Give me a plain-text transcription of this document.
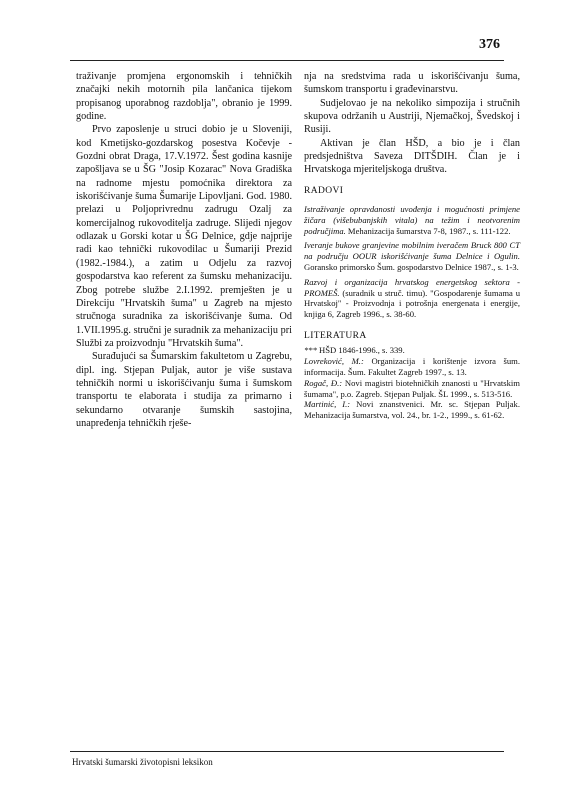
376

traživanje promjena ergonomskih i tehničkih značajki nekih motornih pila lančanica tijekom propisanog uporabnog razdoblja", obranio je 1999. godine.

Prvo zaposlenje u struci dobio je u Sloveniji, kod Kmetijsko-gozdarskog posestva Kočevje - Gozdni obrat Draga, 17.V.1972. Šest godina kasnije zapošljava se u ŠG "Josip Kozarac" Nova Gradiška na radnome mjestu pomoćnika direktora za iskorišćivanje šuma Šumarije Lipovljani. God. 1980. prelazi u Poljoprivrednu zadrugu Ozalj za komercijalnog rukovoditelja zadruge. Slijedi njegov odlazak u Gorski kotar u ŠG Delnice, gdje najprije radi kao tehnički rukovodilac u Šumariji Prezid (1982.-1984.), a zatim u Odjelu za razvoj gospodarstva kao referent za šumsku mehanizaciju. Zbog potrebe službe 2.I.1992. premješten je u Direkciju "Hrvatskih šuma" u Zagreb na mjesto stručnoga suradnika za iskorišćivanje šuma. Od 1.VII.1995.g. stručni je suradnik za mehanizaciju pri Službi za proizvodnju "Hrvatskih šuma".

Surađujući sa Šumarskim fakultetom u Zagrebu, dipl. ing. Stjepan Puljak, autor je više sustava tehničkih normi u iskorišćivanju šuma i šumskom transportu te elaborata i studija za primarno i sekundarno otvaranje šumskih sastojina, unapređenja tehničkih rješe-

nja na sredstvima rada u iskorišćivanju šuma, šumskom transportu i građevinarstvu.

Sudjelovao je na nekoliko simpozija i stručnih skupova održanih u Austriji, Njemačkoj, Švedskoj i Rusiji.

Aktivan je član HŠD, a bio je i član predsjedništva Saveza DITŠDIH. Član je i Hrvatskoga mjeriteljskoga društva.

RADOVI
Istraživanje opravdanosti uvođenja i mogućnosti primjene žičara (višebubanjskih vitala) na težim i neotvorenim područjima. Mehanizacija šumarstva 7-8, 1987., s. 111-122.
Iveranje bukove granjevine mobilnim iveračem Bruck 800 CT na području OOUR iskorišćivanje šuma Delnice i Ogulin. Goransko primorsko Šum. gospodarstvo Delnice 1987., s. 1-3.
Razvoj i organizacija hrvatskog energetskog sektora - PROMEŠ. (suradnik u struč. timu). "Gospodarenje šumama u Hrvatskoj" - Proizvodnja i potrošnja energenata i energije, knjiga 6, Zagreb 1996., s. 38-60.
LITERATURA
*** HŠD 1846-1996., s. 339.
Lovreković, M.: Organizacija i korištenje izvora šum. informacija. Šum. Fakultet Zagreb 1997., s. 13.
Rogač, Đ.: Novi magistri biotehničkih znanosti u "Hrvatskim šumama", p.o. Zagreb. Stjepan Puljak. ŠL 1999., s. 513-516.
Martinić, I.: Novi znanstvenici. Mr. sc. Stjepan Puljak. Mehanizacija šumarstva, vol. 24., br. 1-2., 1999., s. 61-62.
Hrvatski šumarski životopisni leksikon
